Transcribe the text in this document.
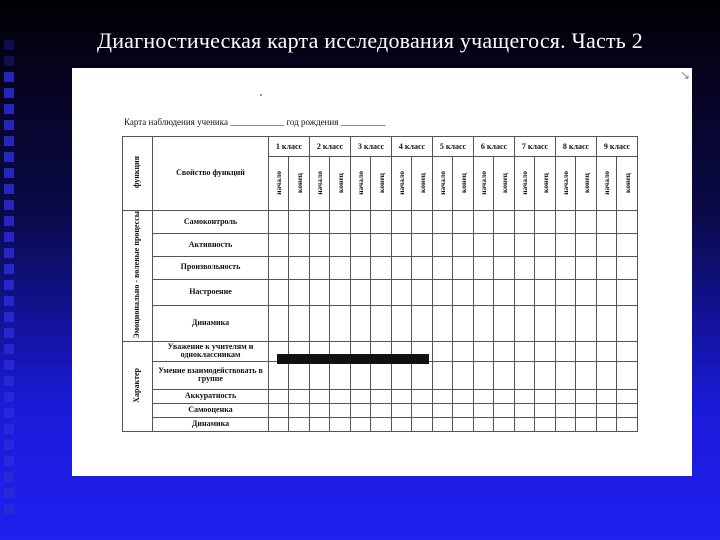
Диагностическая карта исследования учащегося. Часть 2
↘
Карта наблюдения ученика ____________ год рождения __________
функция	Свойство функций	1 класс		2 класс		3 класс		4 класс		5 класс		6 класс		7 класс		8 класс		9 класс	
		начало	конец	начало	конец	начало	конец	начало	конец	начало	конец	начало	конец	начало	конец	начало	конец	начало	конец
Эмоционально - волевые процессы	Самоконтроль																		
	Активность																		
	Произвольность																		
	Настроение																		
	Динамика																		
Характер	Уважение к учителям и одноклассникам																		
	Умение взаимодействовать в группе																		
	Аккуратность																		
	Самооценка																		
	Динамика																		
